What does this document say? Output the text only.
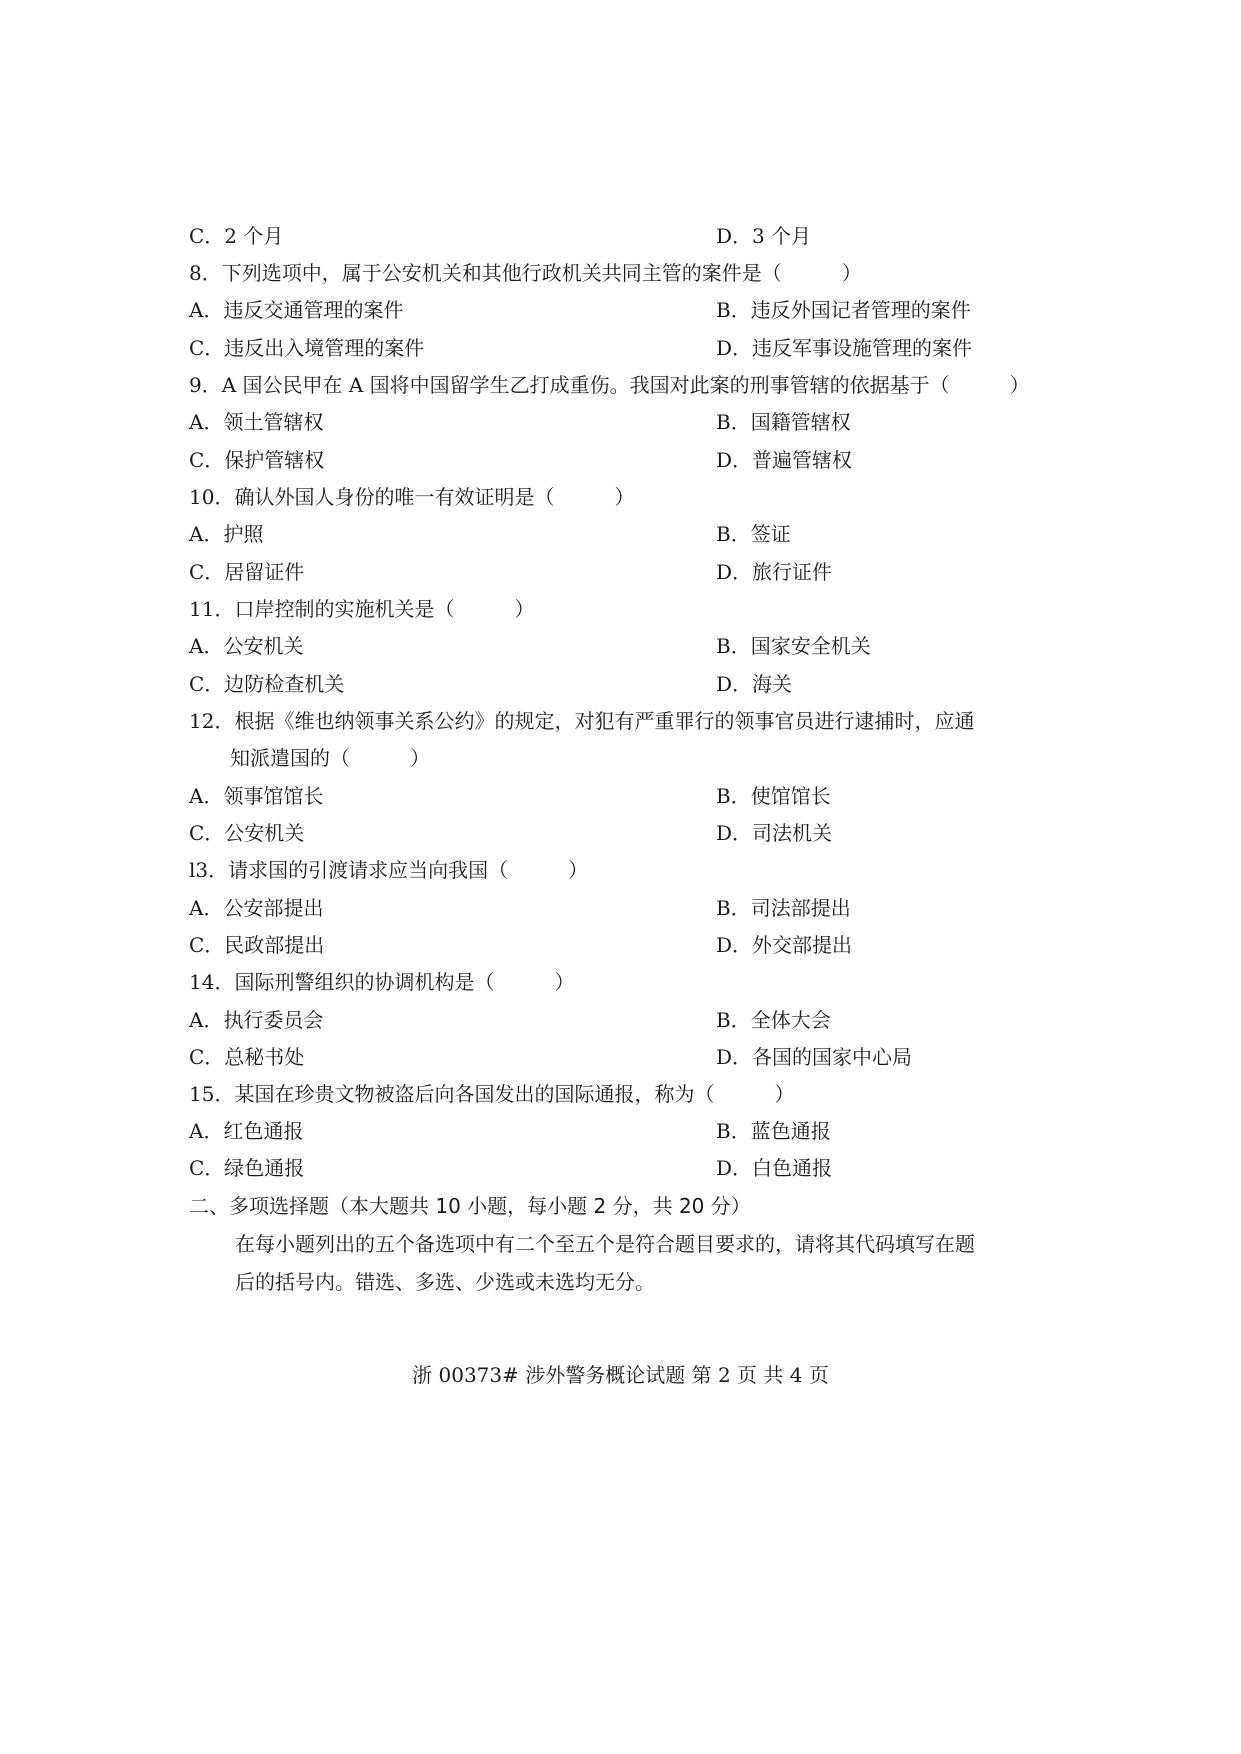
C．2 个月	D．3 个月
8．下列选项中，属于公安机关和其他行政机关共同主管的案件是（　　　）
A．违反交通管理的案件	B．违反外国记者管理的案件
C．违反出入境管理的案件	D．违反军事设施管理的案件
9．A 国公民甲在 A 国将中国留学生乙打成重伤。我国对此案的刑事管辖的依据基于（　　　）
A．领土管辖权	B．国籍管辖权
C．保护管辖权	D．普遍管辖权
10．确认外国人身份的唯一有效证明是（　　　）
A．护照	B．签证
C．居留证件	D．旅行证件
11．口岸控制的实施机关是（　　　）
A．公安机关	B．国家安全机关
C．边防检查机关	D．海关
12．根据《维也纳领事关系公约》的规定，对犯有严重罪行的领事官员进行逮捕时，应通
知派遣国的（　　　）
A．领事馆馆长	B．使馆馆长
C．公安机关	D．司法机关
l3．请求国的引渡请求应当向我国（　　　）
A．公安部提出	B．司法部提出
C．民政部提出	D．外交部提出
14．国际刑警组织的协调机构是（　　　）
A．执行委员会	B．全体大会
C．总秘书处	D．各国的国家中心局
15．某国在珍贵文物被盗后向各国发出的国际通报，称为（　　　）
A．红色通报	B．蓝色通报
C．绿色通报	D．白色通报
二、多项选择题（本大题共 10 小题，每小题 2 分，共 20 分）
在每小题列出的五个备选项中有二个至五个是符合题目要求的，请将其代码填写在题
后的括号内。错选、多选、少选或未选均无分。
浙 00373# 涉外警务概论试题 第 2 页 共 4 页
